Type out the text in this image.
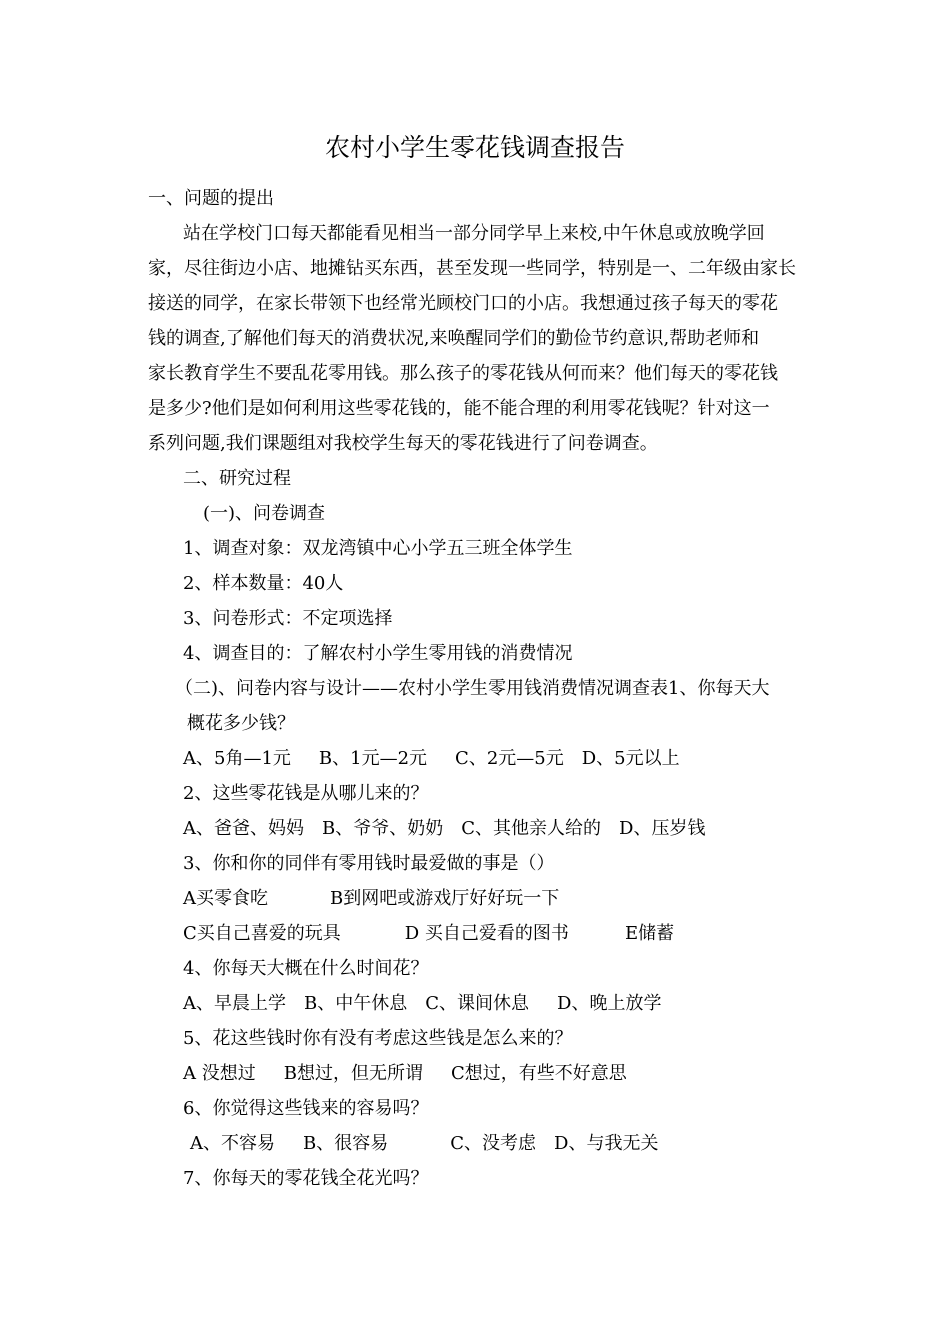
农村小学生零花钱调查报告
一、问题的提出
站在学校门口每天都能看见相当一部分同学早上来校,中午休息或放晚学回
家，尽往街边小店、地摊钻买东西，甚至发现一些同学，特别是一、二年级由家长
接送的同学，在家长带领下也经常光顾校门口的小店。我想通过孩子每天的零花
钱的调查,了解他们每天的消费状况,来唤醒同学们的勤俭节约意识,帮助老师和
家长教育学生不要乱花零用钱。那么孩子的零花钱从何而来？他们每天的零花钱
是多少?他们是如何利用这些零花钱的，能不能合理的利用零花钱呢？针对这一
系列问题,我们课题组对我校学生每天的零花钱进行了问卷调查。
二、研究过程
(一)、问卷调查
1、调查对象：双龙湾镇中心小学五三班全体学生
2、样本数量：40人
3、问卷形式：不定项选择
4、调查目的：了解农村小学生零用钱的消费情况
（二)、问卷内容与设计——农村小学生零用钱消费情况调查表1、你每天大
概花多少钱？
A、5角—1元 B、1元—2元 C、2元—5元 D、5元以上
2、这些零花钱是从哪儿来的？
A、爸爸、妈妈 B、爷爷、奶奶 C、其他亲人给的 D、压岁钱
3、你和你的同伴有零用钱时最爱做的事是（）
A买零食吃	B到网吧或游戏厅好好玩一下
C买自己喜爱的玩具	D 买自己爱看的图书	E储蓄
4、你每天大概在什么时间花？
A、早晨上学 B、中午休息 C、课间休息 D、晚上放学
5、花这些钱时你有没有考虑这些钱是怎么来的？
A 没想过 B想过，但无所谓 C想过，有些不好意思
6、你觉得这些钱来的容易吗？
A、不容易 B、很容易	C、没考虑 D、与我无关
7、你每天的零花钱全花光吗？
